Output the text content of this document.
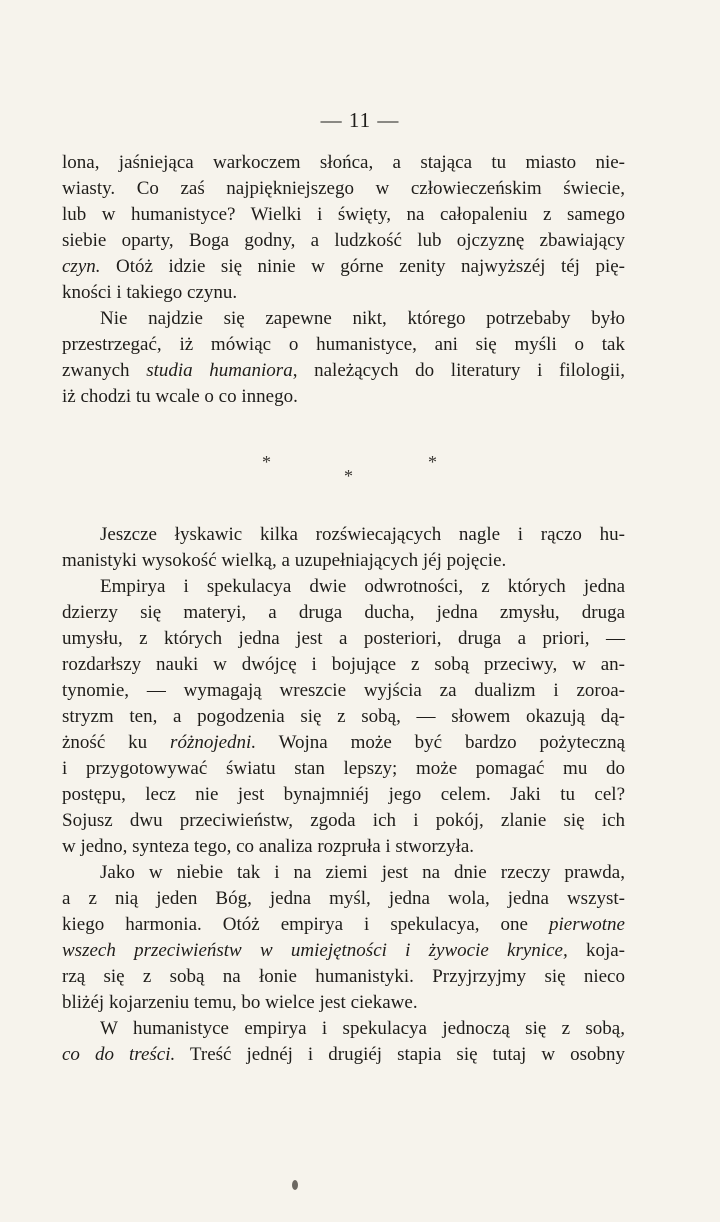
— 11 —
lona, jaśniejąca warkoczem słońca, a stająca tu miasto nie-
wiasty. Co zaś najpiękniejszego w człowieczeńskim świecie,
lub w humanistyce? Wielki i święty, na całopaleniu z samego
siebie oparty, Boga godny, a ludzkość lub ojczyznę zbawiający
czyn. Otóż idzie się ninie w górne zenity najwyższéj téj pię-
kności i takiego czynu.
Nie najdzie się zapewne nikt, którego potrzebaby było
przestrzegać, iż mówiąc o humanistyce, ani się myśli o tak
zwanych studia humaniora, należących do literatury i filologii,
iż chodzi tu wcale o co innego.
*
*
*
Jeszcze łyskawic kilka rozświecających nagle i rączo hu-
manistyki wysokość wielką, a uzupełniających jéj pojęcie.
Empirya i spekulacya dwie odwrotności, z których jedna
dzierzy się materyi, a druga ducha, jedna zmysłu, druga
umysłu, z których jedna jest a posteriori, druga a priori, —
rozdarłszy nauki w dwójcę i bojujące z sobą przeciwy, w an-
tynomie, — wymagają wreszcie wyjścia za dualizm i zoroa-
stryzm ten, a pogodzenia się z sobą, — słowem okazują dą-
żność ku różnojedni. Wojna może być bardzo pożyteczną
i przygotowywać światu stan lepszy; może pomagać mu do
postępu, lecz nie jest bynajmniéj jego celem. Jaki tu cel?
Sojusz dwu przeciwieństw, zgoda ich i pokój, zlanie się ich
w jedno, synteza tego, co analiza rozpruła i stworzyła.
Jako w niebie tak i na ziemi jest na dnie rzeczy prawda,
a z nią jeden Bóg, jedna myśl, jedna wola, jedna wszyst-
kiego harmonia. Otóż empirya i spekulacya, one pierwotne
wszech przeciwieństw w umiejętności i żywocie krynice, koja-
rzą się z sobą na łonie humanistyki. Przyjrzyjmy się nieco
bliżéj kojarzeniu temu, bo wielce jest ciekawe.
W humanistyce empirya i spekulacya jednoczą się z sobą,
co do treści. Treść jednéj i drugiéj stapia się tutaj w osobny
